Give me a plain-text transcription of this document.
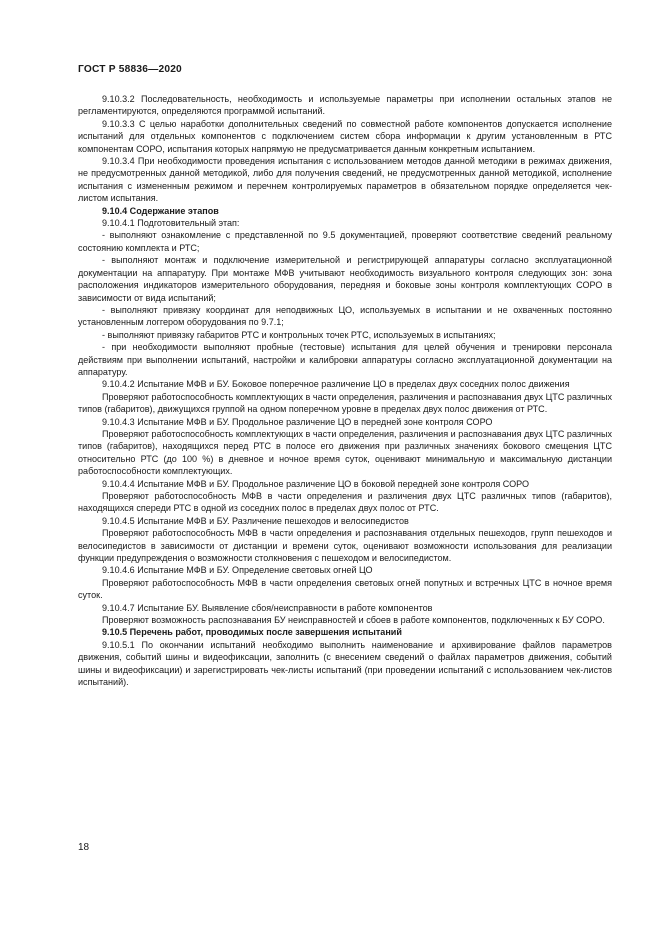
ГОСТ Р 58836—2020

9.10.3.2 Последовательность, необходимость и используемые параметры при исполнении остальных этапов не регламентируются, определяются программой испытаний.

9.10.3.3 С целью наработки дополнительных сведений по совместной работе компонентов допускается исполнение испытаний для отдельных компонентов с подключением систем сбора информации к другим установленным в РТС компонентам СОРО, испытания которых напрямую не предусматривается данным конкретным испытанием.

9.10.3.4 При необходимости проведения испытания с использованием методов данной методики в режимах движения, не предусмотренных данной методикой, либо для получения сведений, не предусмотренных данной методикой, исполнение испытания с измененным режимом и перечнем контролируемых параметров в обязательном порядке определяется чек-листом испытания.

9.10.4 Содержание этапов

9.10.4.1 Подготовительный этап:

- выполняют ознакомление с представленной по 9.5 документацией, проверяют соответствие сведений реальному состоянию комплекта и РТС;

- выполняют монтаж и подключение измерительной и регистрирующей аппаратуры согласно эксплуатационной документации на аппаратуру. При монтаже МФВ учитывают необходимость визуального контроля следующих зон: зона расположения индикаторов измерительного оборудования, передняя и боковые зоны контроля комплектующих СОРО в зависимости от вида испытаний;

- выполняют привязку координат для неподвижных ЦО, используемых в испытании и не охваченных постоянно установленным логгером оборудования по 9.7.1;

- выполняют привязку габаритов РТС и контрольных точек РТС, используемых в испытаниях;

- при необходимости выполняют пробные (тестовые) испытания для целей обучения и тренировки персонала действиям при выполнении испытаний, настройки и калибровки аппаратуры согласно эксплуатационной документации на аппаратуру.

9.10.4.2 Испытание МФВ и БУ. Боковое поперечное различение ЦО в пределах двух соседних полос движения

Проверяют работоспособность комплектующих в части определения, различения и распознавания двух ЦТС различных типов (габаритов), движущихся группой на одном поперечном уровне в пределах двух полос движения от РТС.

9.10.4.3 Испытание МФВ и БУ. Продольное различение ЦО в передней зоне контроля СОРО

Проверяют работоспособность комплектующих в части определения, различения и распознавания двух ЦТС различных типов (габаритов), находящихся перед РТС в полосе его движения при различных значениях бокового смещения ЦТС относительно РТС (до 100 %) в дневное и ночное время суток, оценивают минимальную и максимальную дистанции работоспособности комплектующих.

9.10.4.4 Испытание МФВ и БУ. Продольное различение ЦО в боковой передней зоне контроля СОРО

Проверяют работоспособность МФВ в части определения и различения двух ЦТС различных типов (габаритов), находящихся спереди РТС в одной из соседних полос в пределах двух полос от РТС.

9.10.4.5 Испытание МФВ и БУ. Различение пешеходов и велосипедистов

Проверяют работоспособность МФВ в части определения и распознавания отдельных пешеходов, групп пешеходов и велосипедистов в зависимости от дистанции и времени суток, оценивают возможности использования для реализации функции предупреждения о возможности столкновения с пешеходом и велосипедистом.

9.10.4.6 Испытание МФВ и БУ. Определение световых огней ЦО

Проверяют работоспособность МФВ в части определения световых огней попутных и встречных ЦТС в ночное время суток.

9.10.4.7 Испытание БУ. Выявление сбоя/неисправности в работе компонентов

Проверяют возможность распознавания БУ неисправностей и сбоев в работе компонентов, подключенных к БУ СОРО.

9.10.5 Перечень работ, проводимых после завершения испытаний

9.10.5.1 По окончании испытаний необходимо выполнить наименование и архивирование файлов параметров движения, событий шины и видеофиксации, заполнить (с внесением сведений о файлах параметров движения, событий шины и видеофиксации) и зарегистрировать чек-листы испытаний (при проведении испытаний с использованием чек-листов испытаний).

18
